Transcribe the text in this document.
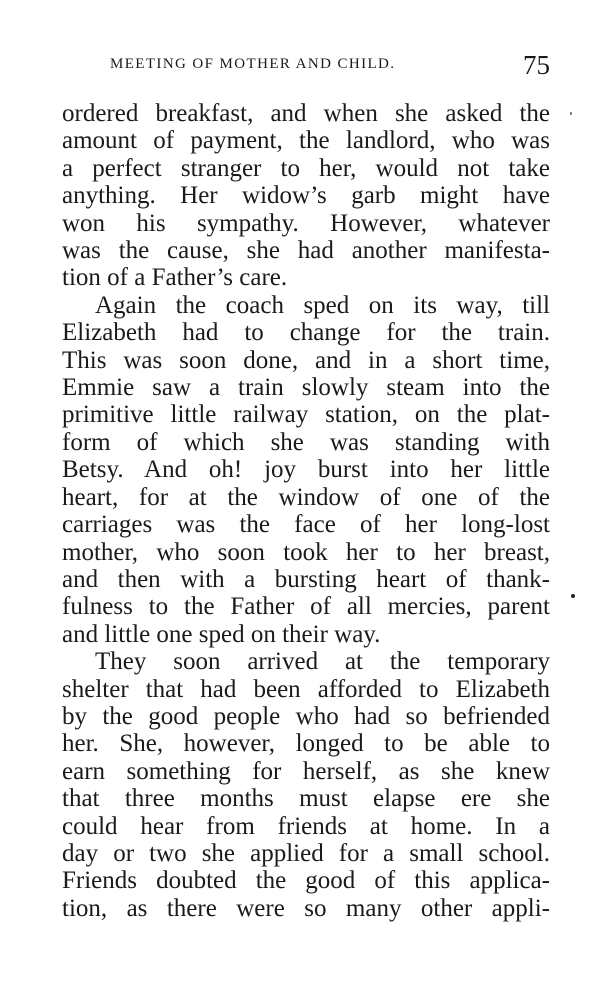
MEETING OF MOTHER AND CHILD.	75
ordered breakfast, and when she asked the
amount of payment, the landlord, who was
a perfect stranger to her, would not take
anything. Her widow’s garb might have
won his sympathy. However, whatever
was the cause, she had another manifesta-
tion of a Father’s care.
Again the coach sped on its way, till
Elizabeth had to change for the train.
This was soon done, and in a short time,
Emmie saw a train slowly steam into the
primitive little railway station, on the plat-
form of which she was standing with
Betsy. And oh! joy burst into her little
heart, for at the window of one of the
carriages was the face of her long-lost
mother, who soon took her to her breast,
and then with a bursting heart of thank-
fulness to the Father of all mercies, parent
and little one sped on their way.
They soon arrived at the temporary
shelter that had been afforded to Elizabeth
by the good people who had so befriended
her. She, however, longed to be able to
earn something for herself, as she knew
that three months must elapse ere she
could hear from friends at home. In a
day or two she applied for a small school.
Friends doubted the good of this applica-
tion, as there were so many other appli-
